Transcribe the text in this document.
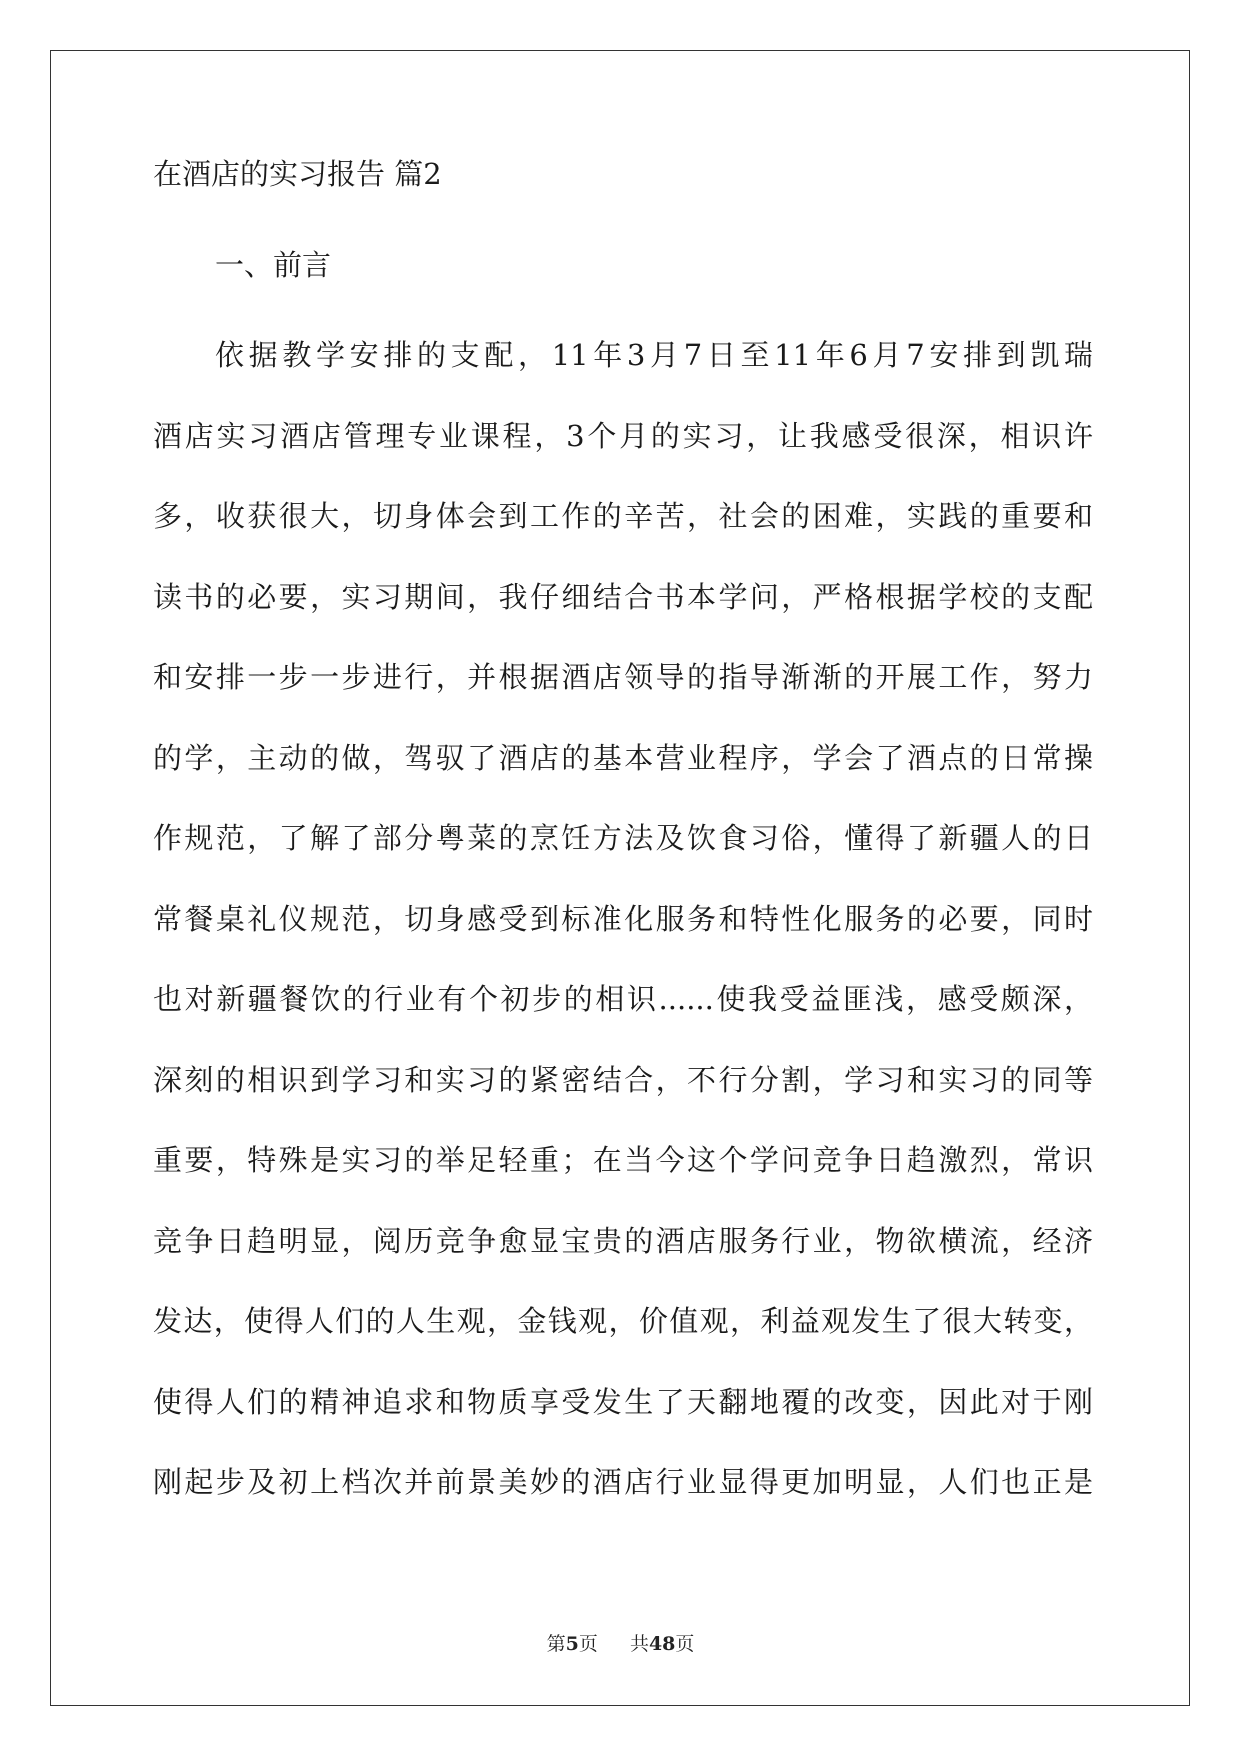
在酒店的实习报告 篇2
一、前言
依据教学安排的支配，11年3月7日至11年6月7安排到凯瑞
酒店实习酒店管理专业课程，3个月的实习，让我感受很深，相识许
多，收获很大，切身体会到工作的辛苦，社会的困难，实践的重要和
读书的必要，实习期间，我仔细结合书本学问，严格根据学校的支配
和安排一步一步进行，并根据酒店领导的指导渐渐的开展工作，努力
的学，主动的做，驾驭了酒店的基本营业程序，学会了酒点的日常操
作规范，了解了部分粤菜的烹饪方法及饮食习俗，懂得了新疆人的日
常餐桌礼仪规范，切身感受到标准化服务和特性化服务的必要，同时
也对新疆餐饮的行业有个初步的相识......使我受益匪浅，感受颇深，
深刻的相识到学习和实习的紧密结合，不行分割，学习和实习的同等
重要，特殊是实习的举足轻重；在当今这个学问竞争日趋激烈，常识
竞争日趋明显，阅历竞争愈显宝贵的酒店服务行业，物欲横流，经济
发达，使得人们的人生观，金钱观，价值观，利益观发生了很大转变，
使得人们的精神追求和物质享受发生了天翻地覆的改变，因此对于刚
刚起步及初上档次并前景美妙的酒店行业显得更加明显，人们也正是
第5页 共48页
